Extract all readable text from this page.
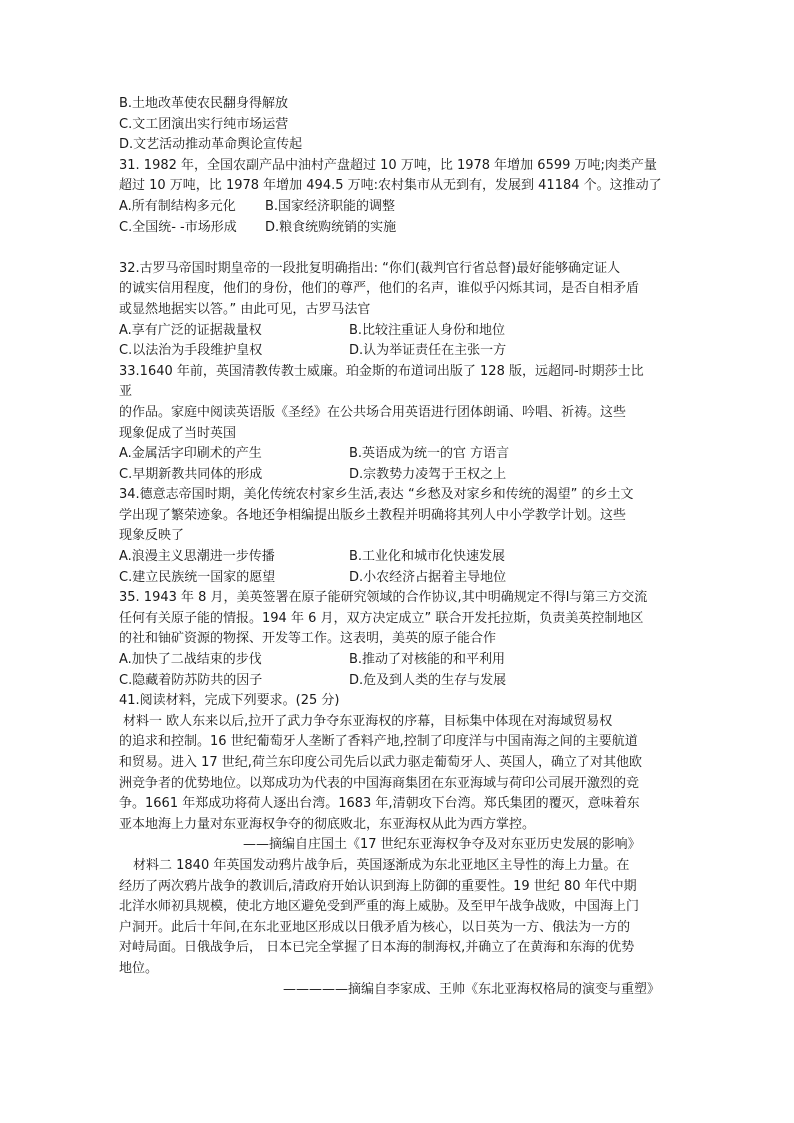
B.土地改革使农民翻身得解放
C.文工团演出实行纯市场运营
D.文艺活动推动革命舆论宣传起
31. 1982 年，全国农副产品中油村产盘超过 10 万吨，比 1978 年增加 6599 万吨;肉类产量
超过 10 万吨，比 1978 年增加 494.5 万吨:农村集市从无到有，发展到 41184 个。这推动了
A.所有制结构多元化	B.国家经济职能的调整
C.全国统- -市场形成	D.粮食统购统销的实施
32.古罗马帝国时期皇帝的一段批复明确指出: “你们(裁判官行省总督)最好能够确定证人
的诚实信用程度，他们的身份，他们的尊严，他们的名声，谁似乎闪烁其词，是否自相矛盾
或显然地据实以答。” 由此可见，古罗马法官
A.享有广泛的证据裁量权	B.比较注重证人身份和地位
C.以法治为手段维护皇权	D.认为举证责任在主张一方
33.1640 年前，英国清教传教士威廉。珀金斯的布道词出版了 128 版，远超同-时期莎士比
亚
的作品。家庭中阅读英语版《圣经》在公共场合用英语进行团体朗诵、吟唱、祈祷。这些
现象促成了当时英国
A.金属活字印刷术的产生	B.英语成为统一的官 方语言
C.早期新教共同体的形成	D.宗教势力凌驾于王权之上
34.德意志帝国时期，美化传统农村家乡生活,表达 “乡愁及对家乡和传统的渴望” 的乡土文
学出现了繁荣迹象。各地还争相编提出版乡土教程并明确将其列人中小学教学计划。这些
现象反映了
A.浪漫主义思潮进一步传播	B.工业化和城市化快速发展
C.建立民族统一国家的愿望	D.小农经济占据着主导地位
35. 1943 年 8 月，美英签署在原子能研究领域的合作协议,其中明确规定不得l与第三方交流
任何有关原子能的情报。194 年 6 月，双方决定成立” 联合开发托拉斯，负责美英控制地区
的社和铀矿资源的物探、开发等工作。这表明，美英的原子能合作
A.加快了二战结束的步伐	B.推动了对核能的和平利用
C.隐藏着防苏防共的因子	D.危及到人类的生存与发展
41.阅读材料，完成下列要求。(25 分)
材料一 欧人东来以后,拉开了武力争夺东亚海权的序幕，目标集中体现在对海域贸易权
的追求和控制。16 世纪葡萄牙人垄断了香料产地,控制了印度洋与中国南海之间的主要航道
和贸易。进入 17 世纪,荷兰东印度公司先后以武力驱走葡萄牙人、英国人，确立了对其他欧
洲竞争者的优势地位。以郑成功为代表的中国海商集团在东亚海域与荷印公司展开激烈的竞
争。1661 年郑成功将荷人逐出台湾。1683 年,清朝攻下台湾。郑氏集团的覆灭，意味着东
亚本地海上力量对东亚海权争夺的彻底败北，东亚海权从此为西方掌控。
——摘编自庄国土《17 世纪东亚海权争夺及对东亚历史发展的影响》
材料二 1840 年英国发动鸦片战争后，英国逐渐成为东北亚地区主导性的海上力量。在
经历了两次鸦片战争的教训后,清政府开始认识到海上防御的重要性。19 世纪 80 年代中期
北洋水师初具规模，使北方地区避免受到严重的海上威胁。及至甲午战争战败，中国海上门
户洞开。此后十年间,在东北亚地区形成以日俄矛盾为核心，以日英为一方、俄法为一方的
对峙局面。日俄战争后， 日本已完全掌握了日本海的制海权,并确立了在黄海和东海的优势
地位。
—————摘编自李家成、王帅《东北亚海权格局的演变与重塑》
